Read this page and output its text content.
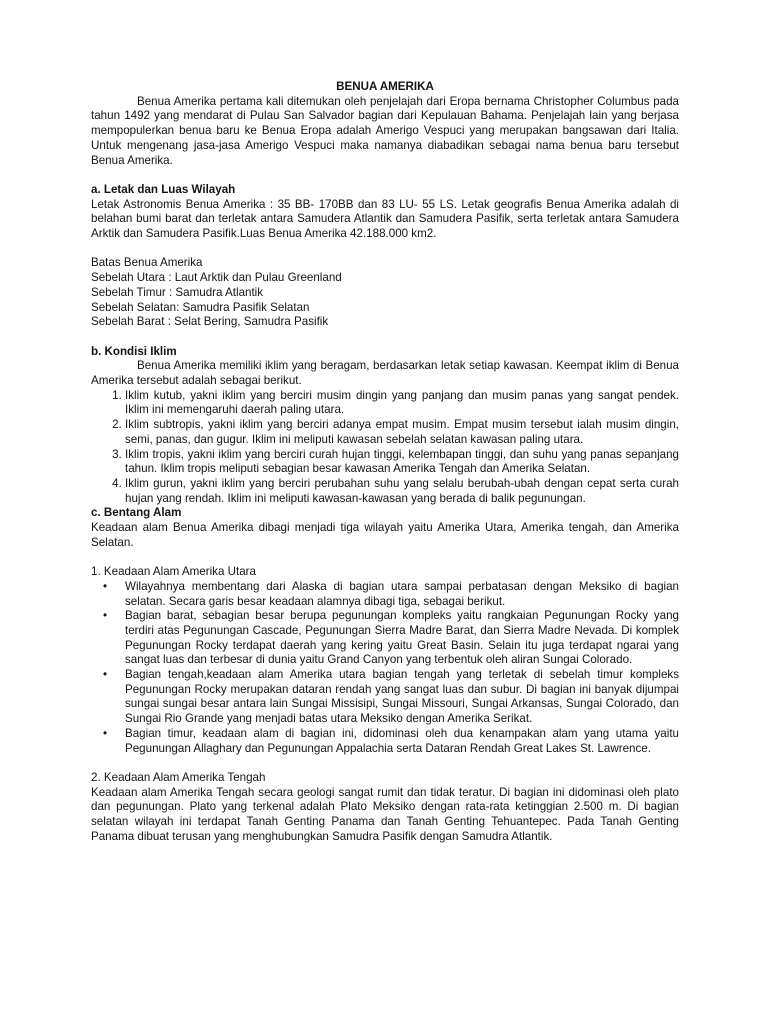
BENUA AMERIKA

Benua Amerika pertama kali ditemukan oleh penjelajah dari Eropa bernama Christopher Columbus pada tahun 1492 yang mendarat di Pulau San Salvador bagian dari Kepulauan Bahama. Penjelajah lain yang berjasa mempopulerkan benua baru ke Benua Eropa adalah Amerigo Vespuci yang merupakan bangsawan dari Italia. Untuk mengenang jasa-jasa Amerigo Vespuci maka namanya diabadikan sebagai nama benua baru tersebut Benua Amerika.

a. Letak dan Luas Wilayah

Letak Astronomis Benua Amerika : 35 BB- 170BB dan 83 LU- 55 LS. Letak geografis Benua Amerika adalah di belahan bumi barat dan terletak antara Samudera Atlantik dan Samudera Pasifik, serta terletak antara Samudera Arktik dan Samudera Pasifik.Luas Benua Amerika 42.188.000 km2.

Batas Benua Amerika
Sebelah Utara : Laut Arktik dan Pulau Greenland
Sebelah Timur : Samudra Atlantik
Sebelah Selatan: Samudra Pasifik Selatan
Sebelah Barat : Selat Bering, Samudra Pasifik
b. Kondisi Iklim

Benua Amerika memiliki iklim yang beragam, berdasarkan letak setiap kawasan. Keempat iklim di Benua Amerika tersebut adalah sebagai berikut.

1. Iklim kutub, yakni iklim yang berciri musim dingin yang panjang dan musim panas yang sangat pendek. Iklim ini memengaruhi daerah paling utara.
2. Iklim subtropis, yakni iklim yang berciri adanya empat musim. Empat musim tersebut ialah musim dingin, semi, panas, dan gugur. Iklim ini meliputi kawasan sebelah selatan kawasan paling utara.
3. Iklim tropis, yakni iklim yang berciri curah hujan tinggi, kelembapan tinggi, dan suhu yang panas sepanjang tahun. Iklim tropis meliputi sebagian besar kawasan Amerika Tengah dan Amerika Selatan.
4. Iklim gurun, yakni iklim yang berciri perubahan suhu yang selalu berubah-ubah dengan cepat serta curah hujan yang rendah. Iklim ini meliputi kawasan-kawasan yang berada di balik pegunungan.
c. Bentang Alam

Keadaan alam Benua Amerika dibagi menjadi tiga wilayah yaitu Amerika Utara, Amerika tengah, dan Amerika Selatan.

1. Keadaan Alam Amerika Utara
• Wilayahnya membentang dari Alaska di bagian utara sampai perbatasan dengan Meksiko di bagian selatan. Secara garis besar keadaan alamnya dibagi tiga, sebagai berikut.
• Bagian barat, sebagian besar berupa pegunungan kompleks yaitu rangkaian Pegunungan Rocky yang terdiri atas Pegunungan Cascade, Pegunungan Sierra Madre Barat, dan Sierra Madre Nevada. Di komplek Pegunungan Rocky terdapat daerah yang kering yaitu Great Basin. Selain itu juga terdapat ngarai yang sangat luas dan terbesar di dunia yaitu Grand Canyon yang terbentuk oleh aliran Sungai Colorado.
• Bagian tengah,keadaan alam Amerika utara bagian tengah yang terletak di sebelah timur kompleks Pegunungan Rocky merupakan dataran rendah yang sangat luas dan subur. Di bagian ini banyak dijumpai sungai sungai besar antara lain Sungai Missisipi, Sungai Missouri, Sungai Arkansas, Sungai Colorado, dan Sungai Rio Grande yang menjadi batas utara Meksiko dengan Amerika Serikat.
• Bagian timur, keadaan alam di bagian ini, didominasi oleh dua kenampakan alam yang utama yaitu Pegunungan Allaghary dan Pegunungan Appalachia serta Dataran Rendah Great Lakes St. Lawrence.
2. Keadaan Alam Amerika Tengah

Keadaan alam Amerika Tengah secara geologi sangat rumit dan tidak teratur. Di bagian ini didominasi oleh plato dan pegunungan. Plato yang terkenal adalah Plato Meksiko dengan rata-rata ketinggian 2.500 m. Di bagian selatan wilayah ini terdapat Tanah Genting Panama dan Tanah Genting Tehuantepec. Pada Tanah Genting Panama dibuat terusan yang menghubungkan Samudra Pasifik dengan Samudra Atlantik.
